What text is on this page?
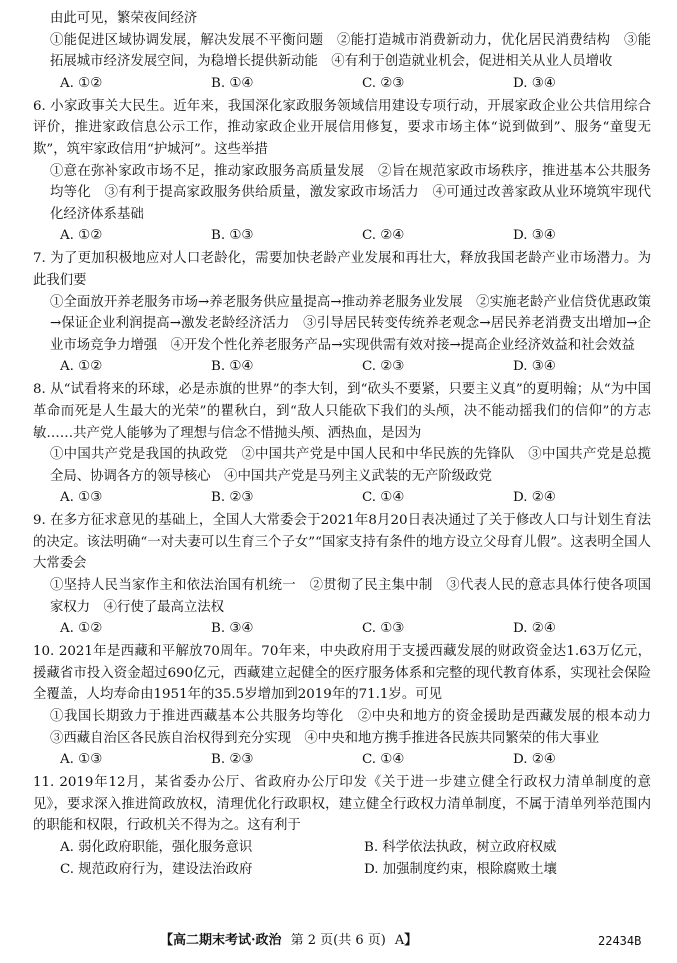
由此可见，繁荣夜间经济

①能促进区域协调发展，解决发展不平衡问题　②能打造城市消费新动力，优化居民消费结构　③能拓展城市经济发展空间，为稳增长提供新动能　④有利于创造就业机会，促进相关从业人员增收

A. ①②	B. ①④	C. ②③	D. ③④

6. 小家政事关大民生。近年来，我国深化家政服务领域信用建设专项行动，开展家政企业公共信用综合评价，推进家政信息公示工作，推动家政企业开展信用修复，要求市场主体“说到做到”、服务“童叟无欺”，筑牢家政信用“护城河”。这些举措

①意在弥补家政市场不足，推动家政服务高质量发展　②旨在规范家政市场秩序，推进基本公共服务均等化　③有利于提高家政服务供给质量，激发家政市场活力　④可通过改善家政从业环境筑牢现代化经济体系基础

A. ①②	B. ①③	C. ②④	D. ③④

7. 为了更加积极地应对人口老龄化，需要加快老龄产业发展和再壮大，释放我国老龄产业市场潜力。为此我们要

①全面放开养老服务市场→养老服务供应量提高→推动养老服务业发展　②实施老龄产业信贷优惠政策→保证企业利润提高→激发老龄经济活力　③引导居民转变传统养老观念→居民养老消费支出增加→企业市场竞争力增强　④开发个性化养老服务产品→实现供需有效对接→提高企业经济效益和社会效益

A. ①②	B. ①④	C. ②③	D. ③④

8. 从“试看将来的环球，必是赤旗的世界”的李大钊，到“砍头不要紧，只要主义真”的夏明翰；从“为中国革命而死是人生最大的光荣”的瞿秋白，到“敌人只能砍下我们的头颅，决不能动摇我们的信仰”的方志敏……共产党人能够为了理想与信念不惜抛头颅、洒热血，是因为

①中国共产党是我国的执政党　②中国共产党是中国人民和中华民族的先锋队　③中国共产党是总揽全局、协调各方的领导核心　④中国共产党是马列主义武装的无产阶级政党

A. ①③	B. ②③	C. ①④	D. ②④

9. 在多方征求意见的基础上，全国人大常委会于2021年8月20日表决通过了关于修改人口与计划生育法的决定。该法明确“一对夫妻可以生育三个子女”“国家支持有条件的地方设立父母育儿假”。这表明全国人大常委会

①坚持人民当家作主和依法治国有机统一　②贯彻了民主集中制　③代表人民的意志具体行使各项国家权力　④行使了最高立法权

A. ①②	B. ③④	C. ①③	D. ②④

10. 2021年是西藏和平解放70周年。70年来，中央政府用于支援西藏发展的财政资金达1.63万亿元，援藏省市投入资金超过690亿元，西藏建立起健全的医疗服务体系和完整的现代教育体系，实现社会保险全覆盖，人均寿命由1951年的35.5岁增加到2019年的71.1岁。可见

①我国长期致力于推进西藏基本公共服务均等化　②中央和地方的资金援助是西藏发展的根本动力　③西藏自治区各民族自治权得到充分实现　④中央和地方携手推进各民族共同繁荣的伟大事业

A. ①③	B. ②③	C. ①④	D. ②④

11. 2019年12月，某省委办公厅、省政府办公厅印发《关于进一步建立健全行政权力清单制度的意见》，要求深入推进简政放权，清理优化行政职权，建立健全行政权力清单制度，不属于清单列举范围内的职能和权限，行政机关不得为之。这有利于

A. 弱化政府职能，强化服务意识	B. 科学依法执政，树立政府权威
C. 规范政府行为，建设法治政府	D. 加强制度约束，根除腐败土壤
【高二期末考试·政治 第 2 页(共 6 页) A】	22434B
